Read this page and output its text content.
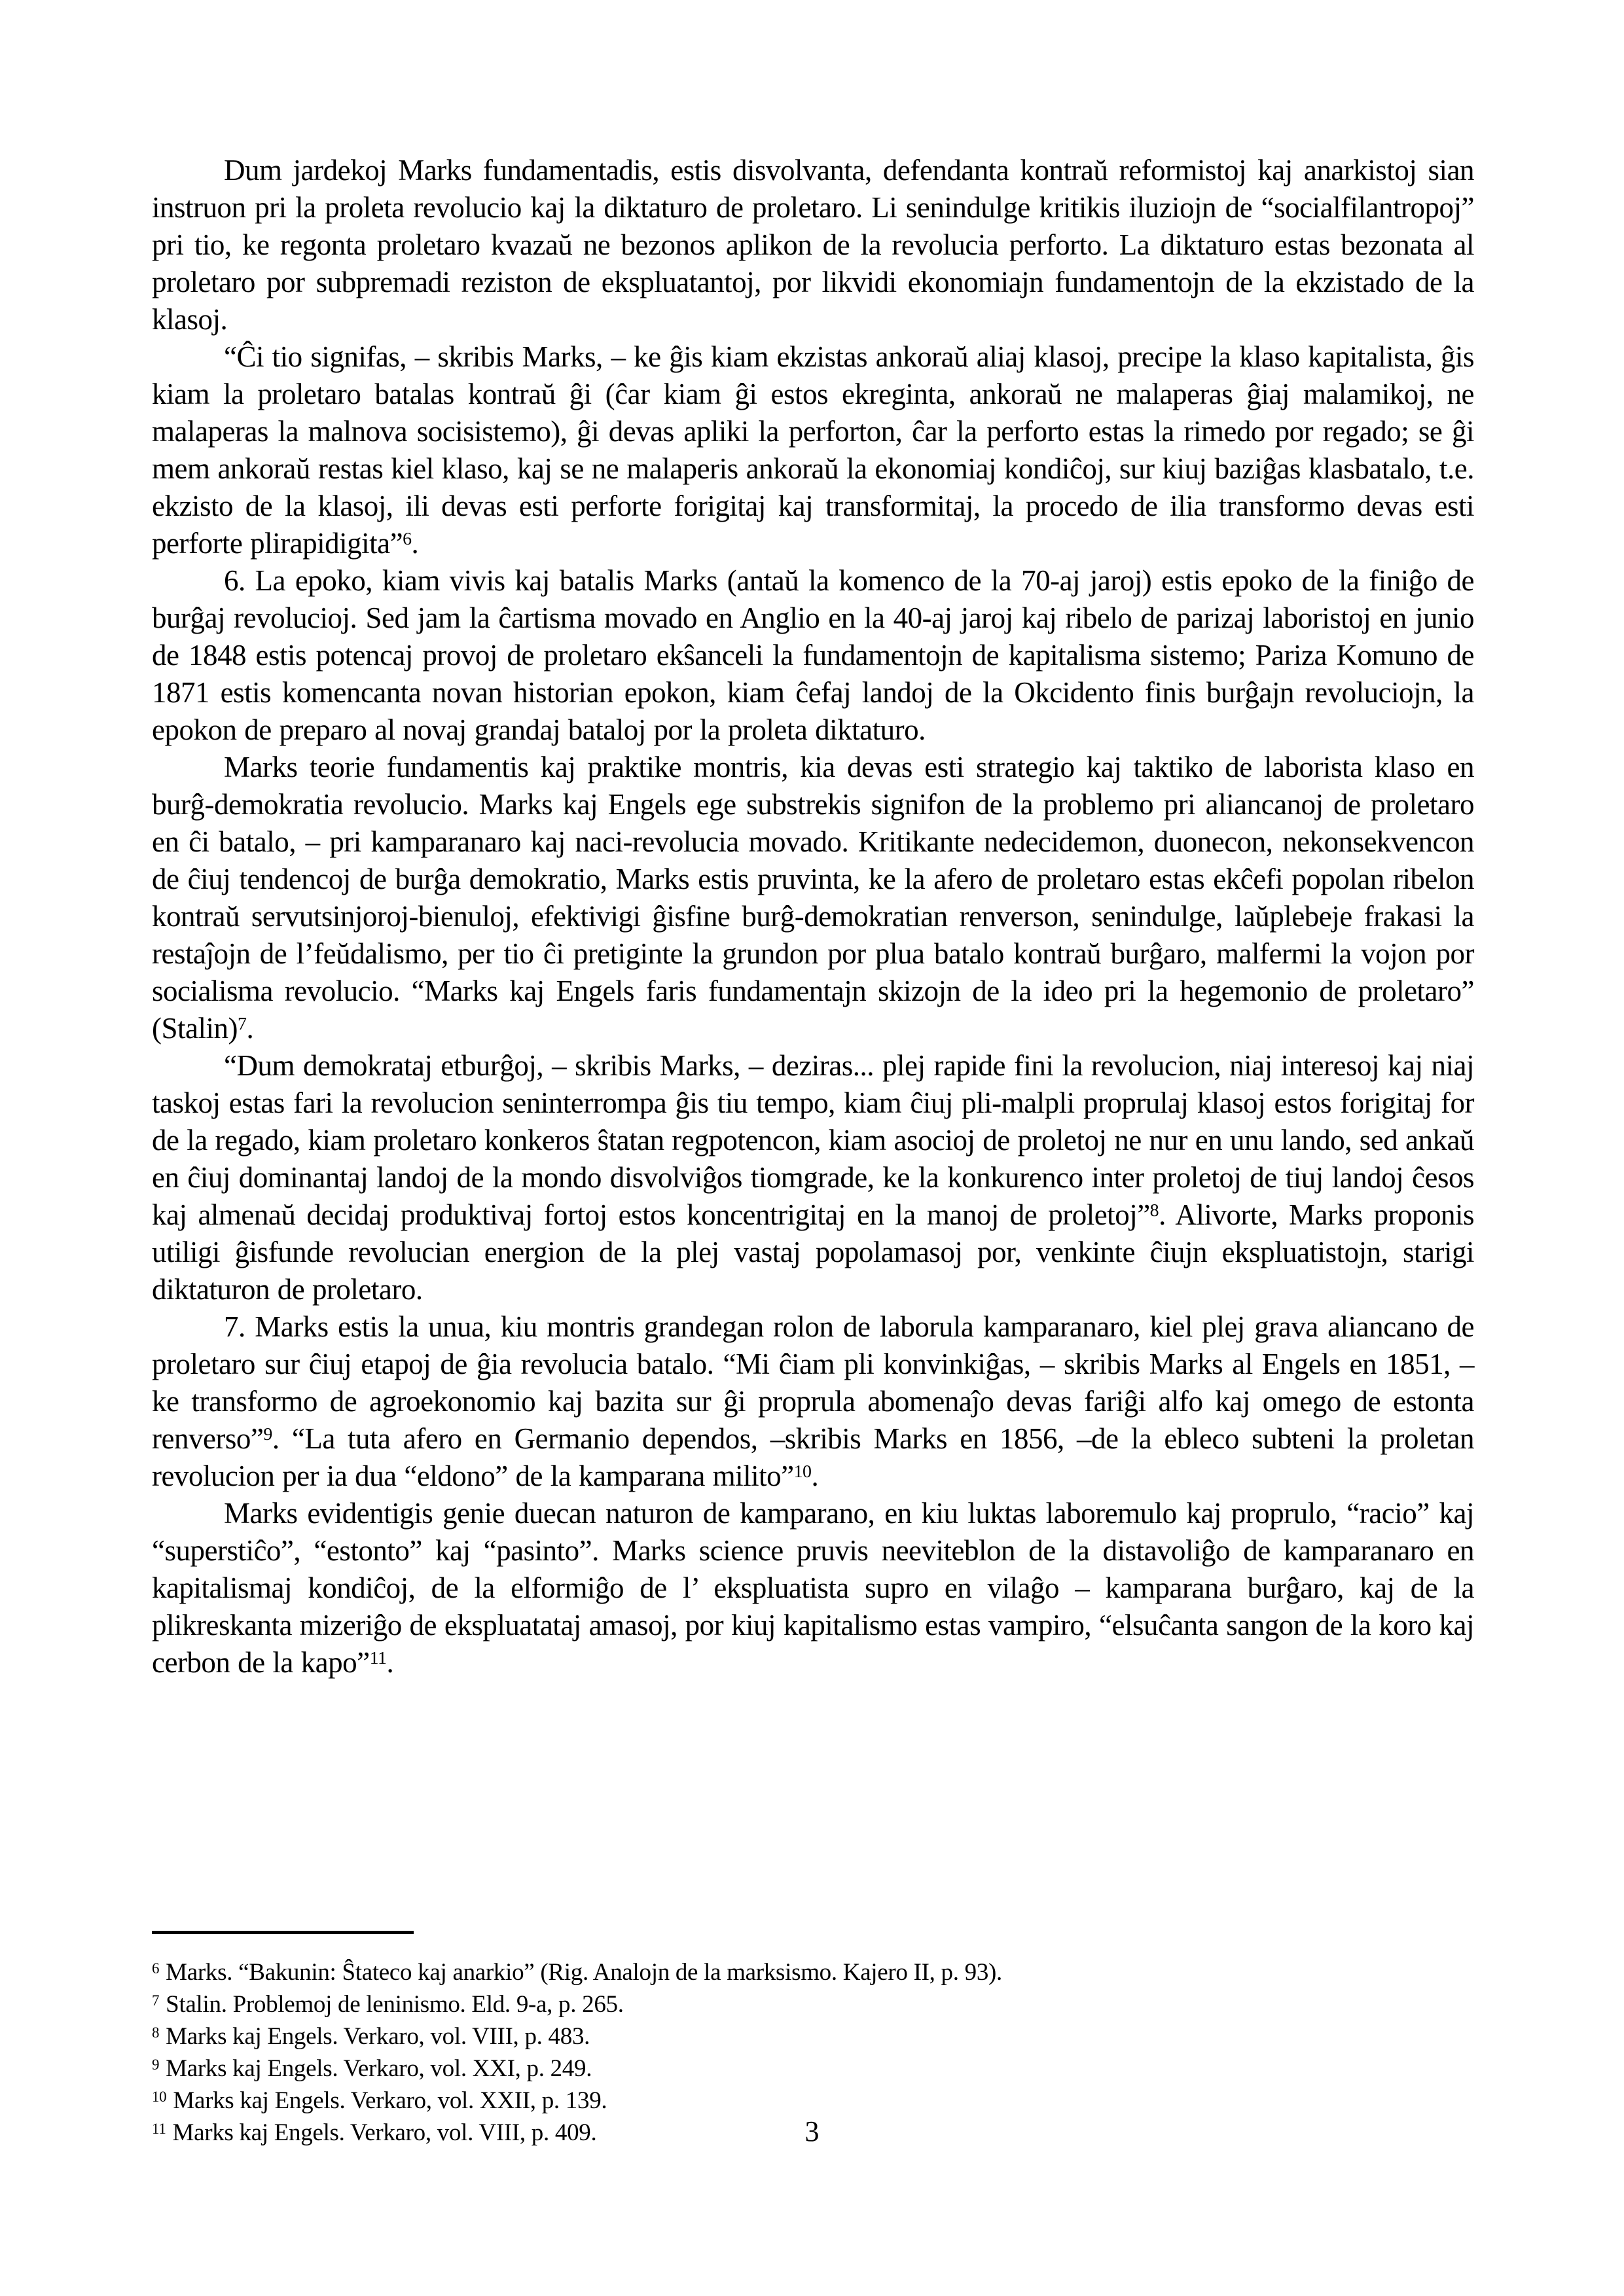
Dum jardekoj Marks fundamentadis, estis disvolvanta, defendanta kontraŭ reformistoj kaj anarkistoj sian instruon pri la proleta revolucio kaj la diktaturo de proletaro. Li senindulge kritikis iluziojn de “socialfilantropoj” pri tio, ke regonta proletaro kvazaŭ ne bezonos aplikon de la revolucia perforto. La diktaturo estas bezonata al proletaro por subpremadi reziston de ekspluatantoj, por likvidi ekonomiajn fundamentojn de la ekzistado de la klasoj.

“Ĉi tio signifas, – skribis Marks, – ke ĝis kiam ekzistas ankoraŭ aliaj klasoj, precipe la klaso kapitalista, ĝis kiam la proletaro batalas kontraŭ ĝi (ĉar kiam ĝi estos ekreginta, ankoraŭ ne malaperas ĝiaj malamikoj, ne malaperas la malnova socisistemo), ĝi devas apliki la perforton, ĉar la perforto estas la rimedo por regado; se ĝi mem ankoraŭ restas kiel klaso, kaj se ne malaperis ankoraŭ la ekonomiaj kondiĉoj, sur kiuj baziĝas klasbatalo, t.e. ekzisto de la klasoj, ili devas esti perforte forigitaj kaj transformitaj, la procedo de ilia transformo devas esti perforte plirapidigita”$^6$.

6. La epoko, kiam vivis kaj batalis Marks (antaŭ la komenco de la 70-aj jaroj) estis epoko de la finiĝo de burĝaj revolucioj. Sed jam la ĉartisma movado en Anglio en la 40-aj jaroj kaj ribelo de parizaj laboristoj en junio de 1848 estis potencaj provoj de proletaro ekŝanceli la fundamentojn de kapitalisma sistemo; Pariza Komuno de 1871 estis komencanta novan historian epokon, kiam ĉefaj landoj de la Okcidento finis burĝajn revoluciojn, la epokon de preparo al novaj grandaj bataloj por la proleta diktaturo.

Marks teorie fundamentis kaj praktike montris, kia devas esti strategio kaj taktiko de laborista klaso en burĝ-demokratia revolucio. Marks kaj Engels ege substrekis signifon de la problemo pri aliancanoj de proletaro en ĉi batalo, – pri kamparanaro kaj naci-revolucia movado. Kritikante nedecidemon, duonecon, nekonsekvencon de ĉiuj tendencoj de burĝa demokratio, Marks estis pruvinta, ke la afero de proletaro estas ekĉefi popolan ribelon kontraŭ servutsinjoroj-bienuloj, efektivigi ĝisfine burĝ-demokratian renverson, senindulge, laŭplebeje frakasi la restaĵojn de l’feŭdalismo, per tio ĉi pretiginte la grundon por plua batalo kontraŭ burĝaro, malfermi la vojon por socialisma revolucio. “Marks kaj Engels faris fundamentajn skizojn de la ideo pri la hegemonio de proletaro” (Stalin)$^7$.

“Dum demokrataj etburĝoj, – skribis Marks, – deziras... plej rapide fini la revolucion, niaj interesoj kaj niaj taskoj estas fari la revolucion seninterrompa ĝis tiu tempo, kiam ĉiuj pli-malpli proprulaj klasoj estos forigitaj for de la regado, kiam proletaro konkeros ŝtatan regpotencon, kiam asocioj de proletoj ne nur en unu lando, sed ankaŭ en ĉiuj dominantaj landoj de la mondo disvolviĝos tiomgrade, ke la konkurenco inter proletoj de tiuj landoj ĉesos kaj almenaŭ decidaj produktivaj fortoj estos koncentrigitaj en la manoj de proletoj”$^8$. Alivorte, Marks proponis utiligi ĝisfunde revolucian energion de la plej vastaj popolamasoj por, venkinte ĉiujn ekspluatistojn, starigi diktaturon de proletaro.

7. Marks estis la unua, kiu montris grandegan rolon de laborula kamparanaro, kiel plej grava aliancano de proletaro sur ĉiuj etapoj de ĝia revolucia batalo. “Mi ĉiam pli konvinkiĝas, – skribis Marks al Engels en 1851, – ke transformo de agroekonomio kaj bazita sur ĝi proprula abomenaĵo devas fariĝi alfo kaj omego de estonta renverso”$^9$. “La tuta afero en Germanio dependos, –skribis Marks en 1856, –de la ebleco subteni la proletan revolucion per ia dua “eldono” de la kamparana milito”$^{10}$.

Marks evidentigis genie duecan naturon de kamparano, en kiu luktas laboremulo kaj proprulo, “racio” kaj “superstiĉo”, “estonto” kaj “pasinto”. Marks science pruvis neeviteblon de la distavoliĝo de kamparanaro en kapitalismaj kondiĉoj, de la elformiĝo de l’ ekspluatista supro en vilaĝo – kamparana burĝaro, kaj de la plikreskanta mizeriĝo de ekspluatataj amasoj, por kiuj kapitalismo estas vampiro, “elsuĉanta sangon de la koro kaj cerbon de la kapo”$^{11}$.

$^6$ Marks. “Bakunin: Ŝtateco kaj anarkio” (Rig. Analojn de la marksismo. Kajero II, p. 93).

$^7$ Stalin. Problemoj de leninismo. Eld. 9-a, p. 265.

$^8$ Marks kaj Engels. Verkaro, vol. VIII, p. 483.

$^9$ Marks kaj Engels. Verkaro, vol. XXI, p. 249.

$^{10}$ Marks kaj Engels. Verkaro, vol. XXII, p. 139.

$^{11}$ Marks kaj Engels. Verkaro, vol. VIII, p. 409.	3
